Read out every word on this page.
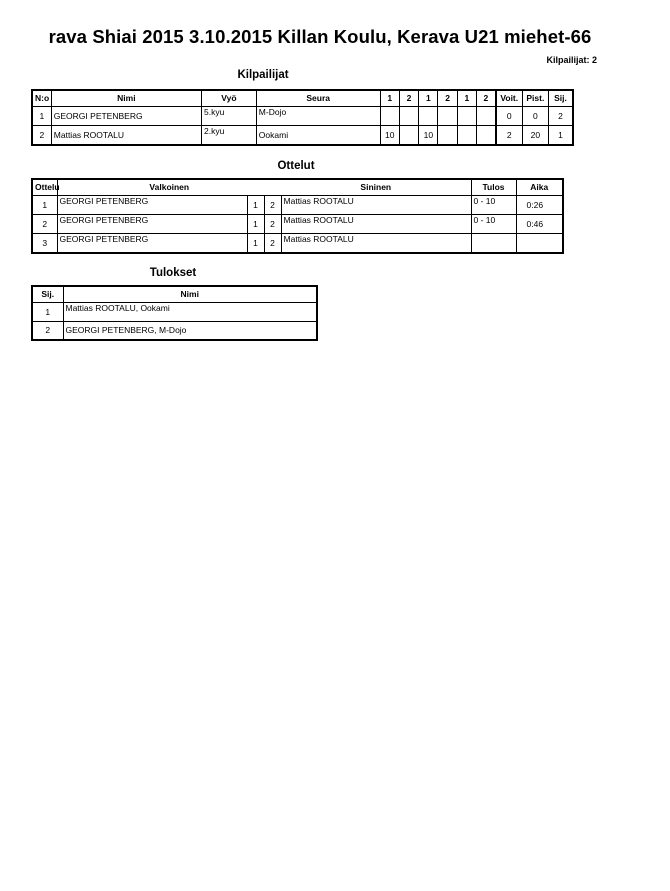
rava Shiai 2015 3.10.2015 Killan Koulu, Kerava U21 miehet-66
Kilpailijat: 2
Kilpailijat
N:o	Nimi	Vyö	Seura	1	2	1	2	1	2	Voit.	Pist.	Sij.
1	GEORGI PETENBERG	5.kyu	M-Dojo							0	0	2
2	Mattias ROOTALU	2.kyu	Ookami	10		10				2	20	1
Ottelut
Ottelu	Valkoinen			Sininen	Tulos	Aika
1	GEORGI PETENBERG	1	2	Mattias ROOTALU	0 - 10	0:26
2	GEORGI PETENBERG	1	2	Mattias ROOTALU	0 - 10	0:46
3	GEORGI PETENBERG	1	2	Mattias ROOTALU		
Tulokset
Sij.	Nimi
1	Mattias ROOTALU, Ookami
2	GEORGI PETENBERG, M-Dojo
